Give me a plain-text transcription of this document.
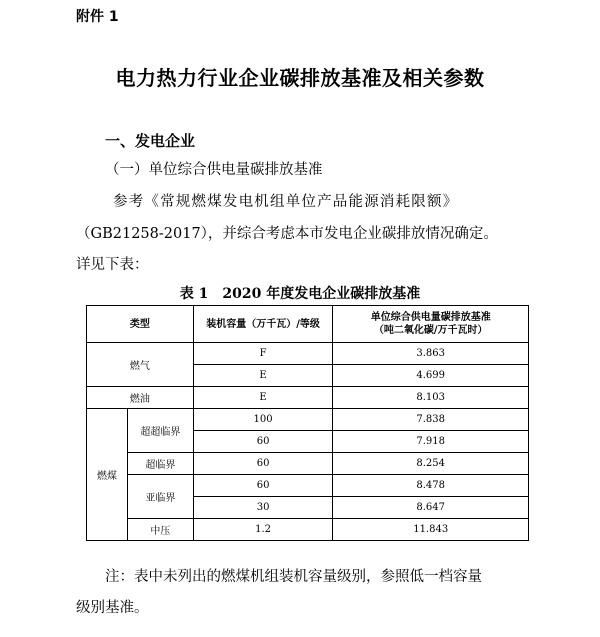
附件 1
电力热力行业企业碳排放基准及相关参数
一、发电企业
（一）单位综合供电量碳排放基准
参考《常规燃煤发电机组单位产品能源消耗限额》
（GB21258-2017），并综合考虑本市发电企业碳排放情况确定。
详见下表：
表 1　2020 年度发电企业碳排放基准
类型		装机容量（万千瓦）/等级	单位综合供电量碳排放基准
（吨二氧化碳/万千瓦时）

燃气		F	3.863
		E	4.699
燃油		E	8.103
燃煤	超超临界	100	7.838
		60	7.918
	超临界	60	8.254
	亚临界	60	8.478
		30	8.647
	中压	1.2	11.843
注：表中未列出的燃煤机组装机容量级别，参照低一档容量
级别基准。
